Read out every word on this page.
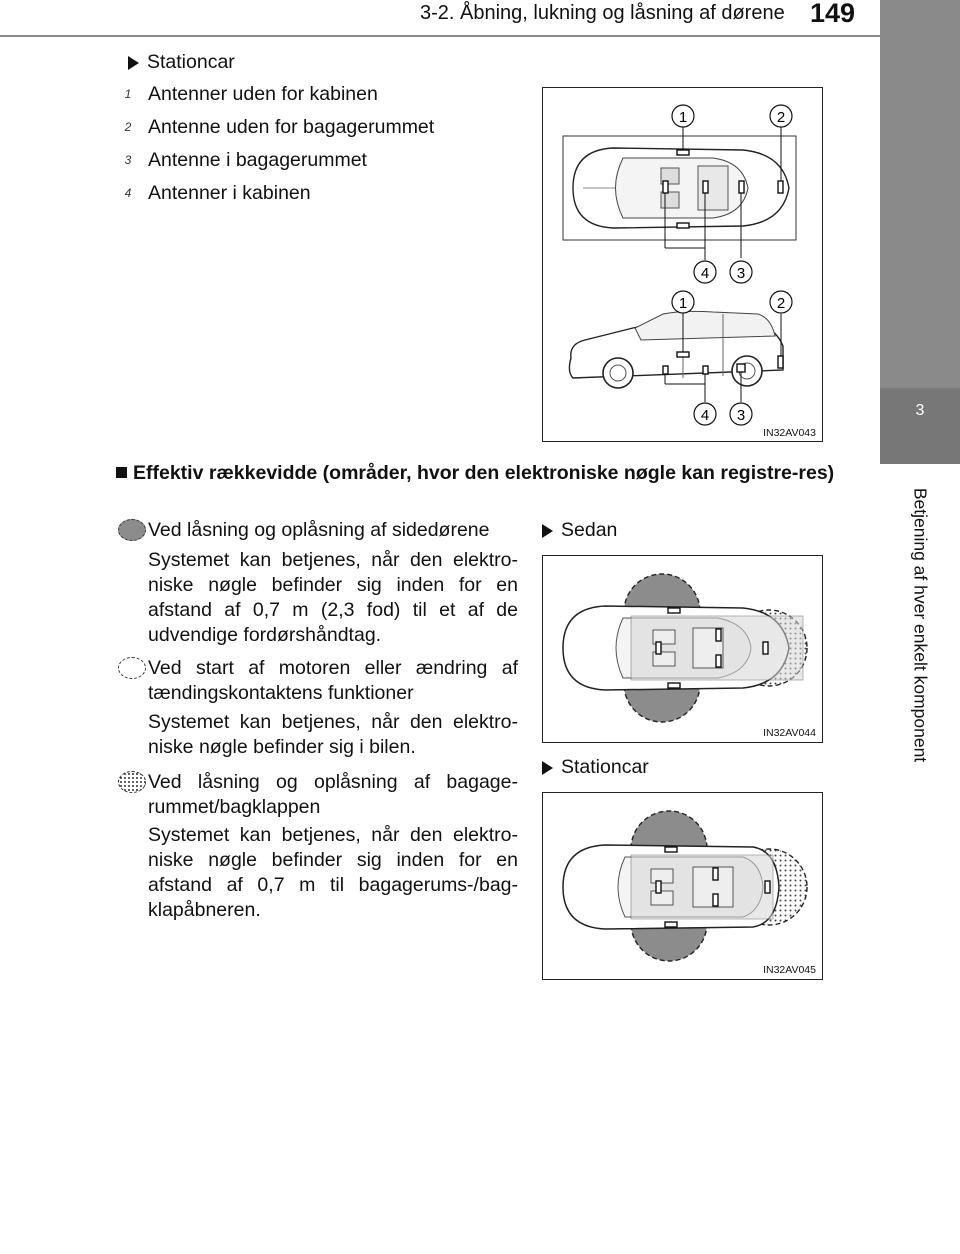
3-2. Åbning, lukning og låsning af dørene 149
3
Betjening af hver enkelt komponent
Stationcar
1 Antenner uden for kabinen
2 Antenne uden for bagagerummet
3 Antenne i bagagerummet
4 Antenner i kabinen
1	2
4 3
1	2
4 3
IN32AV043
Effektiv rækkevidde (områder, hvor den elektroniske nøgle kan registre-res)
Ved låsning og oplåsning af sidedørene
Systemet kan betjenes, når den elektro-niske nøgle befinder sig inden for en afstand af 0,7 m (2,3 fod) til et af de udvendige fordørshåndtag.
Ved start af motoren eller ændring af tændingskontaktens funktioner
Systemet kan betjenes, når den elektro-niske nøgle befinder sig i bilen.
Ved låsning og oplåsning af bagage-rummet/bagklappen
Systemet kan betjenes, når den elektro-niske nøgle befinder sig inden for en afstand af 0,7 m til bagagerums-/bag-klapåbneren.
Sedan
IN32AV044
Stationcar
IN32AV045
